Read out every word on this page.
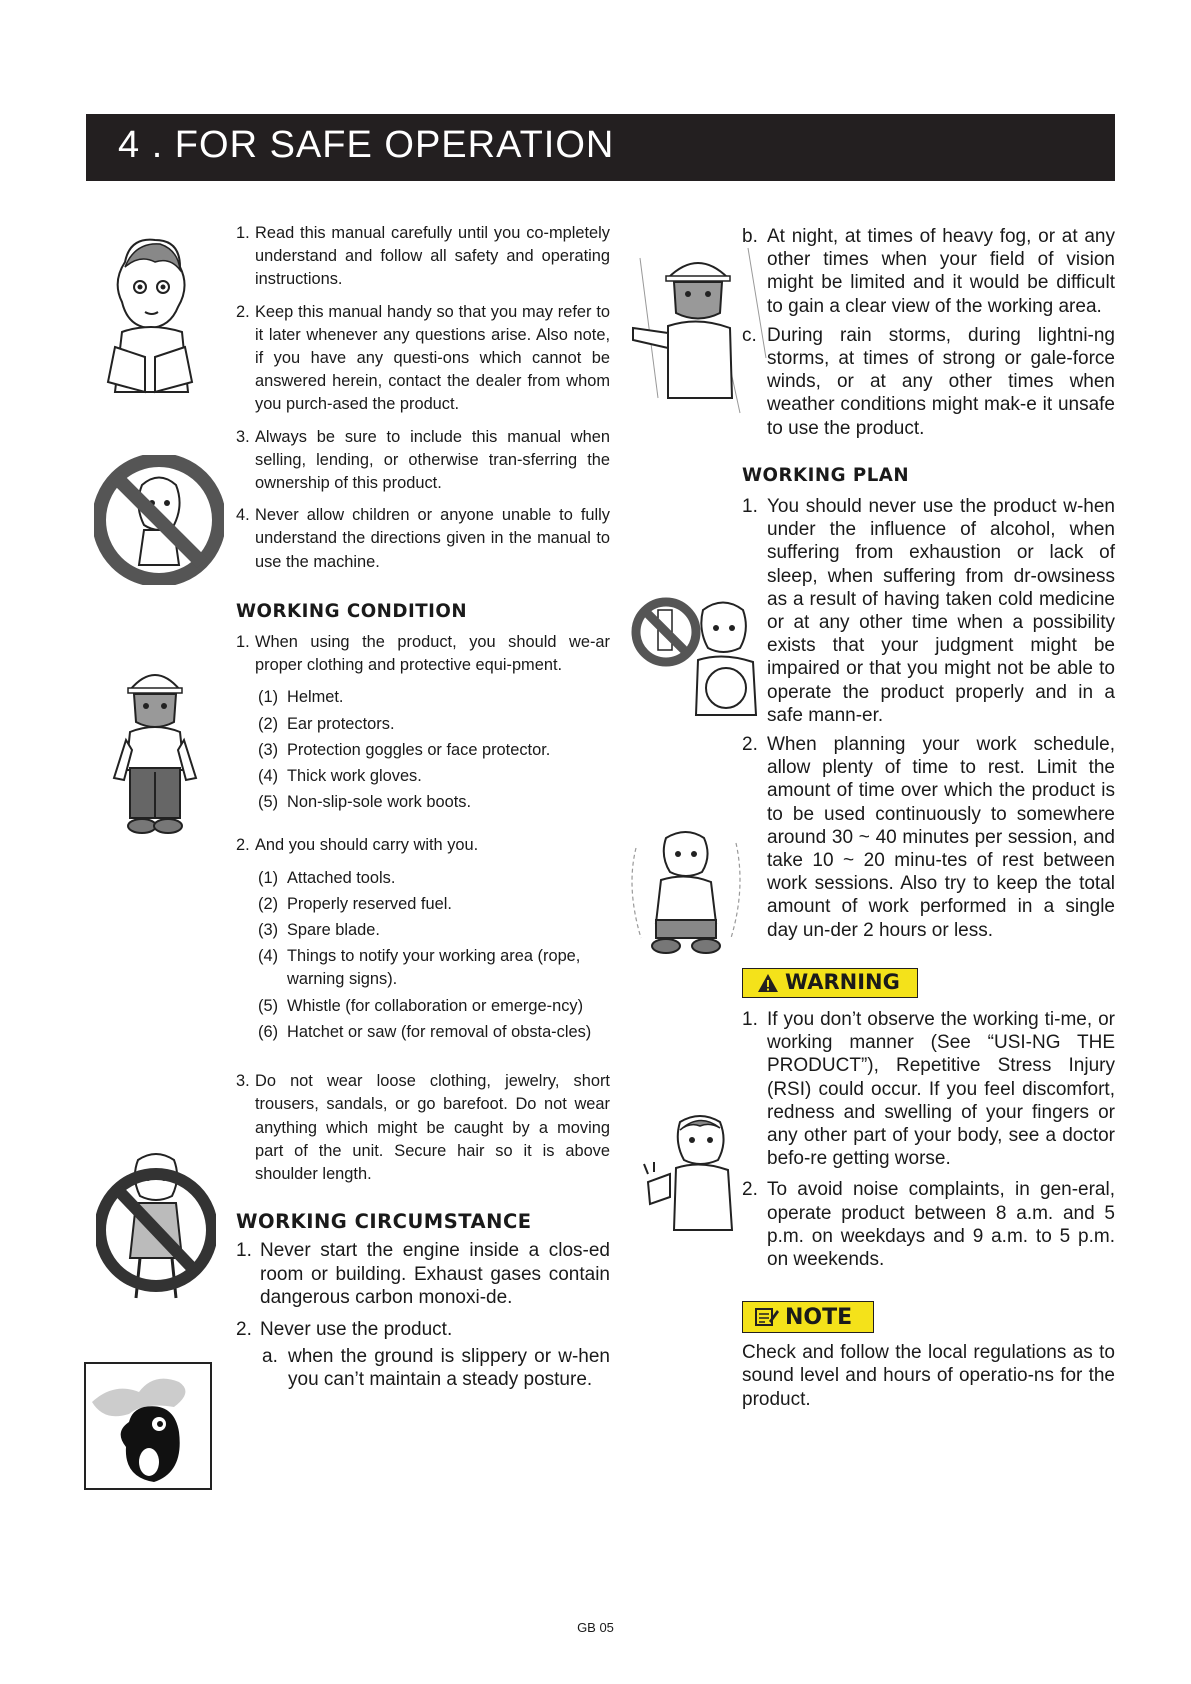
4 . FOR SAFE OPERATION
1. Read this manual carefully until you co-mpletely understand and follow all safety and operating instructions.
2. Keep this manual handy so that you may refer to it later whenever any questions arise. Also note, if you have any questi-ons which cannot be answered herein, contact the dealer from whom you purch-ased the product.
3. Always be sure to include this manual when selling, lending, or otherwise tran-sferring the ownership of this product.
4. Never allow children or anyone unable to fully understand the directions given in the manual to use the machine.
WORKING CONDITION
1. When using the product, you should we-ar proper clothing and protective equi-pment.
(1) Helmet.
(2) Ear protectors.
(3) Protection goggles or face protector.
(4) Thick work gloves.
(5) Non-slip-sole work boots.
2. And you should carry with you.
(1) Attached tools.
(2) Properly reserved fuel.
(3) Spare blade.
(4) Things to notify your working area (rope, warning signs).
(5) Whistle (for collaboration or emerge-ncy)
(6) Hatchet or saw (for removal of obsta-cles)
3. Do not wear loose clothing, jewelry, short trousers, sandals, or go barefoot. Do not wear anything which might be caught by a moving part of the unit. Secure hair so it is above shoulder length.
WORKING CIRCUMSTANCE
1. Never start the engine inside a clos-ed room or building. Exhaust gases contain dangerous carbon monoxi-de.
2. Never use the product.
a. when the ground is slippery or w-hen you can’t maintain a steady posture.
b. At night, at times of heavy fog, or at any other times when your field of vision might be limited and it would be difficult to gain a clear view of the working area.
c. During rain storms, during lightni-ng storms, at times of strong or gale-force winds, or at any other times when weather conditions might mak-e it unsafe to use the product.
WORKING PLAN
1. You should never use the product w-hen under the influence of alcohol, when suffering from exhaustion or lack of sleep, when suffering from dr-owsiness as a result of having taken cold medicine or at any other time when a possibility exists that your judgment might be impaired or that you might not be able to operate the product properly and in a safe mann-er.
2. When planning your work schedule, allow plenty of time to rest. Limit the amount of time over which the product is to be used continuously to somewhere around 30 ~ 40 minutes per session, and take 10 ~ 20 minu-tes of rest between work sessions. Also try to keep the total amount of work performed in a single day un-der 2 hours or less.
WARNING
1. If you don’t observe the working ti-me, or working manner (See “USI-NG THE PRODUCT”), Repetitive Stress Injury (RSI) could occur. If you feel discomfort, redness and swelling of your fingers or any other part of your body, see a doctor befo-re getting worse.
2. To avoid noise complaints, in gen-eral, operate product between 8 a.m. and 5 p.m. on weekdays and 9 a.m. to 5 p.m. on weekends.
NOTE

Check and follow the local regulations as to sound level and hours of operatio-ns for the product.

GB 05
